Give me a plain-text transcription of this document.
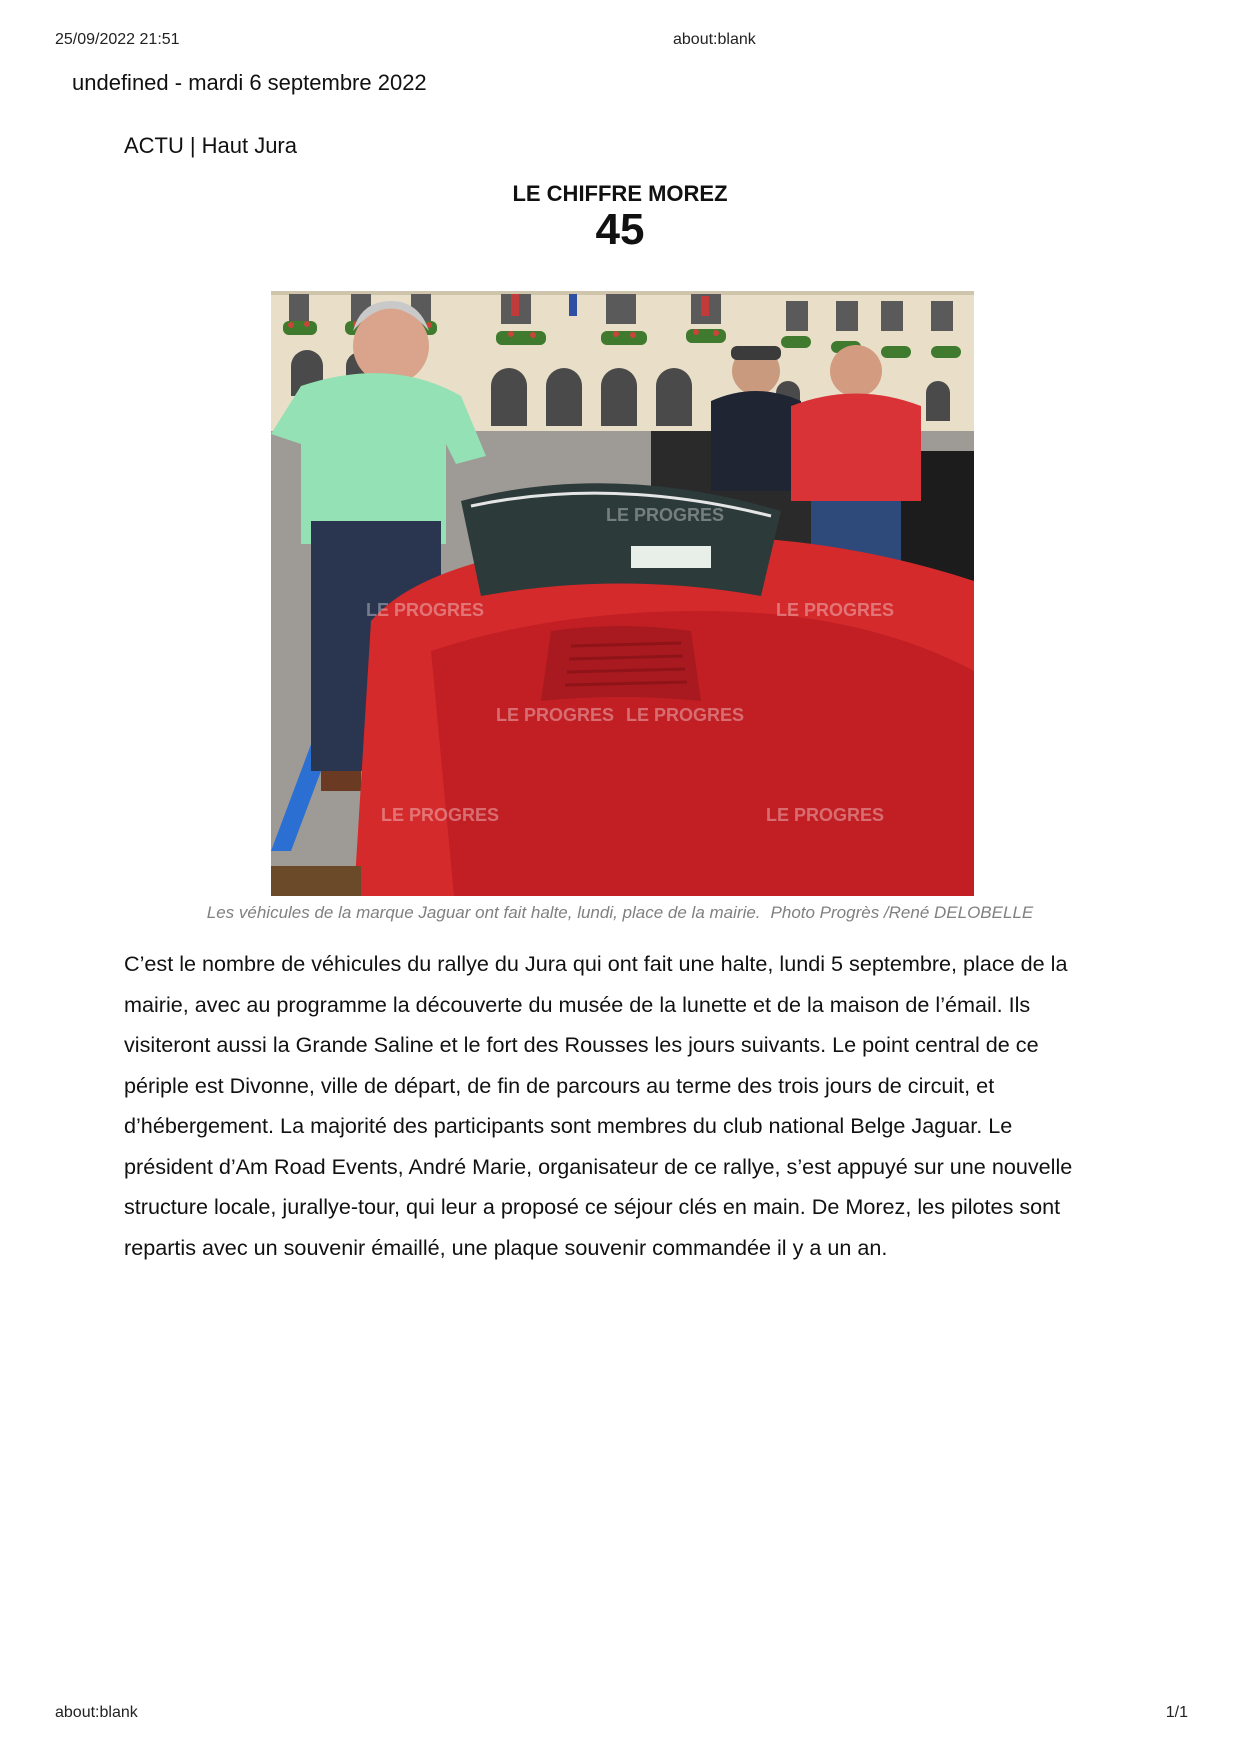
25/09/2022 21:51	about:blank
undefined - mardi 6 septembre 2022
ACTU | Haut Jura
LE CHIFFRE MOREZ
45
LE PROGRES
LE PROGRES
LE PROGRES
LE PROGRES LE PROGRES
LE PROGRES	LE PROGRES
Les véhicules de la marque Jaguar ont fait halte, lundi, place de la mairie. Photo Progrès /René DELOBELLE

C’est le nombre de véhicules du rallye du Jura qui ont fait une halte, lundi 5 septembre, place de la

mairie, avec au programme la découverte du musée de la lunette et de la maison de l’émail. Ils

visiteront aussi la Grande Saline et le fort des Rousses les jours suivants. Le point central de ce

périple est Divonne, ville de départ, de fin de parcours au terme des trois jours de circuit, et

d’hébergement. La majorité des participants sont membres du club national Belge Jaguar. Le

président d’Am Road Events, André Marie, organisateur de ce rallye, s’est appuyé sur une nouvelle

structure locale, jurallye-tour, qui leur a proposé ce séjour clés en main. De Morez, les pilotes sont

repartis avec un souvenir émaillé, une plaque souvenir commandée il y a un an.

about:blank	1/1
